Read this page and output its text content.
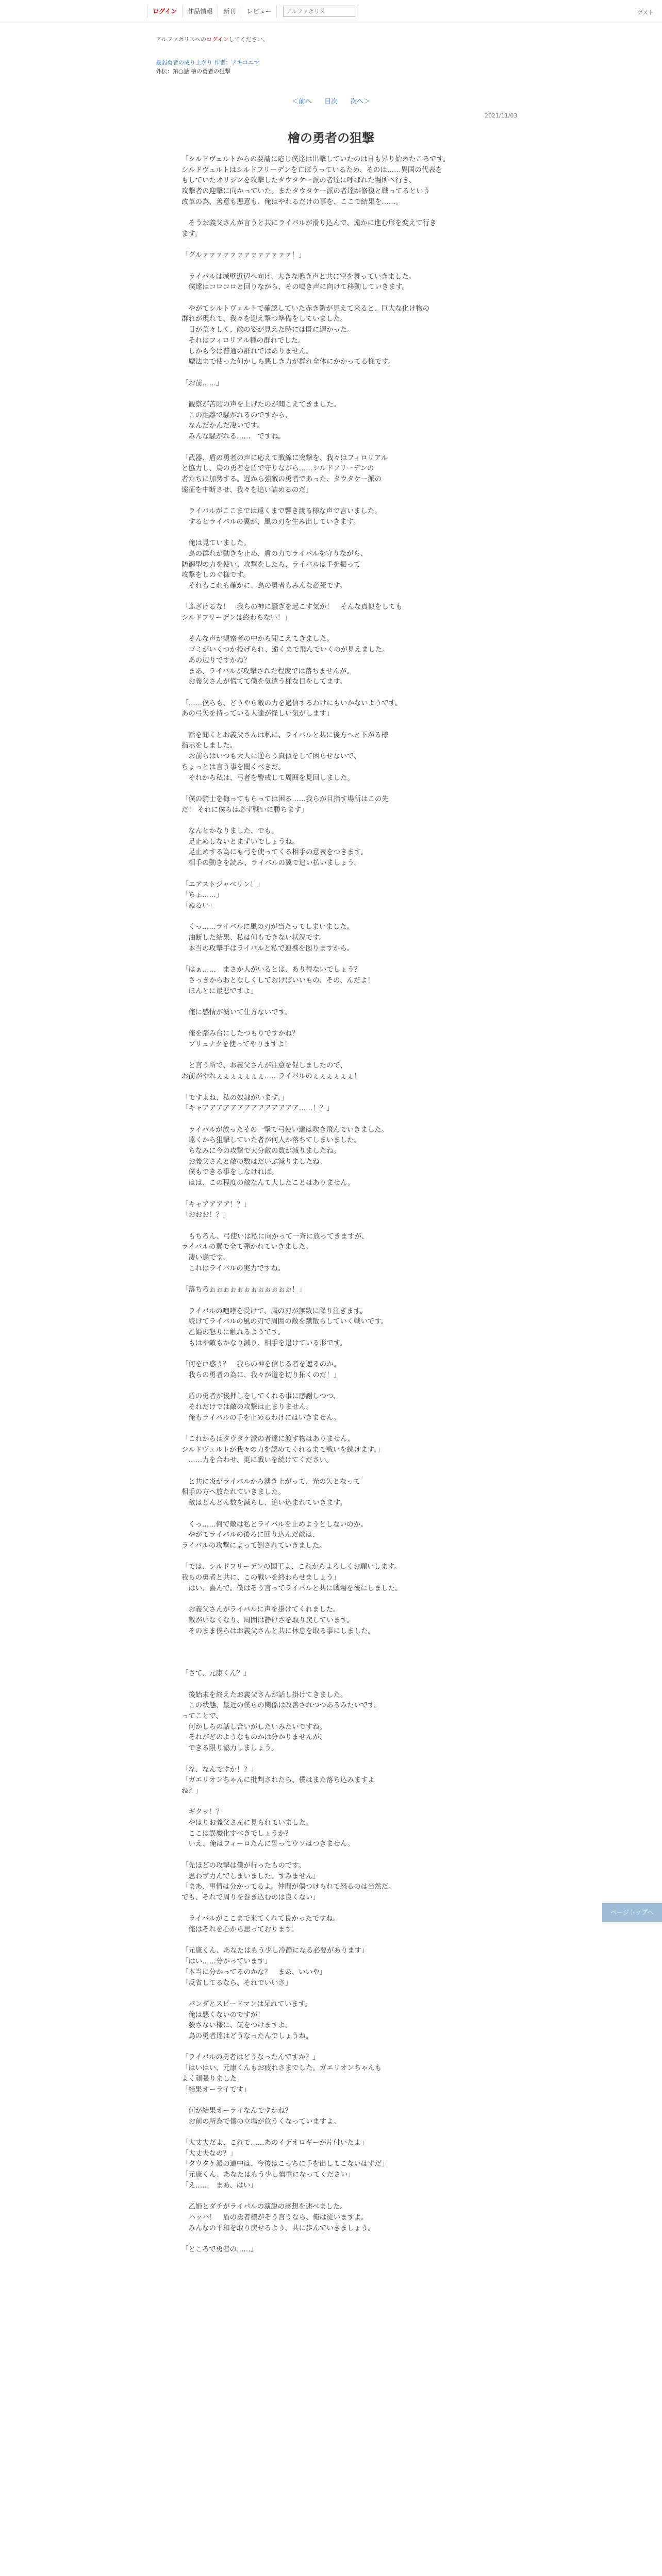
ログイン	作品情報	新刊	レビュー
アルファポリス	ゲスト
アルファポリスへのログインしてください。
最弱勇者の成り上がり 作者：アキコエマ
外伝：第○話 檜の勇者の狙撃
＜前へ 目次 次へ＞
2021/11/03
檜の勇者の狙撃

「シルドヴェルトからの要請に応じ僕達は出撃していたのは日も昇り始めたころです。

シルドヴェルトはシルドフリーデンを亡ぼうっているため、そのは……異国の代表を

もしていたオリジンを攻撃したタウタケー派の者達に呼ばれた場所へ行き、

攻撃者の迎撃に向かっていた。またタウタケー派の者達が修復と戦ってるという

改革の為、善意も悪意も、俺はやれるだけの事を、ここで結果を……。

　そうお義父さんが言うと共にライバルが滑り込んで、遠かに進む形を変えて行き

ます。

「グルァァァァァァァァァァァァァ！」

　ライバルは城壁近辺へ向け、大きな鳴き声と共に空を舞っていきました。

　僕達はコロコロと回りながら、その鳴き声に向けて移動していきます。

　やがてシルトヴェルトで確認していた赤き鎧が見えて来ると、巨大な化け物の

群れが現れて、我々を迎え撃つ準備をしていました。

　目が荒々しく、敵の姿が見えた時には既に遅かった。

　それはフィロリアル種の群れでした。

　しかも今は普通の群れではありません。

　魔法まで使った何かしら悪しき力が群れ全体にかかってる様です。

「お前……」

　観察が苦悶の声を上げたのが聞こえてきました。

　この距離で騒がれるのですから、

　なんだかんだ凄いです。

　みんな騒がれる……　ですね。

「武器、盾の勇者の声に応えて戦線に突撃を、我々はフィロリアル

と協力し、鳥の勇者を盾で守りながら……シルドフリーデンの

者たちに加勢する。遅から強敵の勇者であった、タウタケー派の

遠征を中断させ、我々を追い詰めるのだ」

　ライバルがここまでは遠くまで響き渡る様な声で言いました。

　するとライバルの翼が、風の刃を生み出していきます。

　俺は見ていました。

　鳥の群れが動きを止め、盾の力でライバルを守りながら、

防御型の力を使い、攻撃をしたら、ライバルは手を振って

攻撃をしのぐ様です。

　それもこれも確かに、鳥の勇者もみんな必死です。

「ふざけるな！　我らの神に騒ぎを起こす気か！　そんな真似をしても

シルドフリーデンは終わらない！」

　そんな声が観察者の中から聞こえてきました。

　ゴミがいくつか投げられ、遠くまで飛んでいくのが見えました。

　あの辺りですかね？

　まあ、ライバルが攻撃された程度では落ちませんが。

　お義父さんが慌てて僕を気遣う様な目をしてます。

「……僕らも、どうやら敵の力を過信するわけにもいかないようです。

あの弓矢を持っている人達が怪しい気がします」

　話を聞くとお義父さんは私に、ライバルと共に後方へと下がる様

指示をしました。

　お前らはいつも大人に逆らう真似をして困らせないで、

ちょっとは言う事を聞くべきだ。

　それから私は、弓者を警戒して周囲を見回しました。

「僕の騎士を侮ってもらっては困る……我らが目指す場所はこの先

だ！ それに僕らは必ず戦いに勝ちます」

　なんとかなりました、でも。

　足止めしないとまずいでしょうね。

　足止めする為にも弓を使ってくる相手の意表をつきます。

　相手の動きを読み、ライバルの翼で追い払いましょう。

「エアストジャベリン！」

「ちょ……」

「ぬるい」

　くっ……ライバルに風の刃が当たってしまいました。

　油断した結果、私は何もできない状況です。

　本当の攻撃手はライバルと私で連携を図りますから。

「はぁ……　まさか人がいるとは、あり得ないでしょう？

　さっきからおとなしくしておけばいいもの、その、んだよ！　

　ほんとに最悪ですよ」

　俺に感情が湧いて仕方ないです。

　俺を踏み台にしたつもりですかね？

　ブリュナクを使ってやりますよ！

　と言う所で、お義父さんが注意を促しましたので、

お前がやれぇぇぇぇぇぇぇ……ライバルのぇぇぇぇぇぇ！

「ですよね、私の奴隷がいます。」

「キャアアアアアアアアアアアアアア……！？」

　ライバルが放ったその一撃で弓使い達は吹き飛んでいきました。

　遠くから狙撃していた者が何人か落ちてしまいました。

　ちなみに今の攻撃で大分敵の数が減りましたね。

　お義父さんと敵の数はだいぶ減りましたね。

　僕もできる事をしなければ。

　はは、この程度の敵なんて大したことはありません。

「キャアアアア！？」

「おおお！？」

　もちろん、弓使いは私に向かって一斉に放ってきますが、

ライバルの翼で全て弾かれていきました。

　凄い鳥です。

　これはライバルの実力ですね。

「落ちろぉぉぉぉぉぉぉぉぉぉぉぉ！」

　ライバルの咆哮を受けて、風の刃が無数に降り注ぎます。

　続けてライバルの風の刃で周囲の敵を蹴散らしていく戦いです。

　乙姫の怒りに触れるようです。

　もはや敵もかなり減り、相手を退けている形です。

「何を戸惑う？　我らの神を信じる者を遮るのか。

　我らの勇者の為に、我々が道を切り拓くのだ！」

　盾の勇者が後押しをしてくれる事に感謝しつつ、

　それだけでは敵の攻撃は止まりません。

　俺もライバルの手を止めるわけにはいきません。

「これからはタウタケ派の者達に渡す物はありません、

シルドヴェルトが我々の力を認めてくれるまで戦いを続けます。」

　……力を合わせ、更に戦いを続けてください。

　と共に炎がライバルから湧き上がって、光の矢となって

相手の方へ放たれていきました。

　敵はどんどん数を減らし、追い込まれていきます。

　くっ……何で敵は私とライバルを止めようとしないのか。

　やがてライバルの後ろに回り込んだ敵は、

ライバルの攻撃によって倒されていきました。

「では、シルドフリーデンの国王よ、これからよろしくお願いします。

我らの勇者と共に、この戦いを終わらせましょう」

　はい、喜んで。僕はそう言ってライバルと共に戦場を後にしました。

　お義父さんがライバルに声を掛けてくれました。

　敵がいなくなり、周囲は静けさを取り戻しています。

　そのまま僕らはお義父さんと共に休息を取る事にしました。

「さて、元康くん？」

　後始末を終えたお義父さんが話し掛けてきました。

　この状態、最近の僕らの関係は改善されつつあるみたいです。

ってことで、

　何かしらの話し合いがしたいみたいですね。

　それがどのようなものかは分かりませんが、

　できる限り協力しましょう。

「な、なんですか！？」

「ガエリオンちゃんに批判されたら、僕はまた落ち込みますよ

ね？」

　ギクッ！？

　やはりお義父さんに見られていました。

　ここは誤魔化すべきでしょうか？

　いえ、俺はフィーロたんに誓ってウソはつきません。

「先ほどの攻撃は僕が行ったものです。

　思わず力んでしまいました。すみません」

「まあ、事情は分かってるよ。仲間が傷つけられて怒るのは当然だ。

でも、それで周りを巻き込むのは良くない」

　ライバルがここまで来てくれて良かったですね。

　俺はそれを心から思っております。

「元康くん、あなたはもう少し冷静になる必要があります」

「はい……分かっています」

「本当に分かってるのかな？　まあ、いいや」

「反省してるなら、それでいいさ」

　パンダとスピードマンは呆れています。

　俺は悪くないのですが！

　殺さない様に、気をつけますよ。

　鳥の勇者達はどうなったんでしょうね。

「ライバルの勇者はどうなったんですか？」

「はいはい、元康くんもお疲れさまでした。ガエリオンちゃんも

よく頑張りました」

「結果オーライです」

　何が結果オーライなんですかね？

　お前の所為で僕の立場が危うくなっていますよ。

「大丈夫だよ、これで……あのイデオロギーが片付いたよ」

「大丈夫なの？」

「タウタケ派の連中は、今後はこっちに手を出してこないはずだ」

「元康くん、あなたはもう少し慎重になってください」

「え……　まあ、はい」

　乙姫とダチがライバルの演説の感想を述べました。

　ハッハ！　盾の勇者様がそう言うなら、俺は従いますよ。

　みんなの平和を取り戻せるよう、共に歩んでいきましょう。

「ところで勇者の……」

ページトップへ
